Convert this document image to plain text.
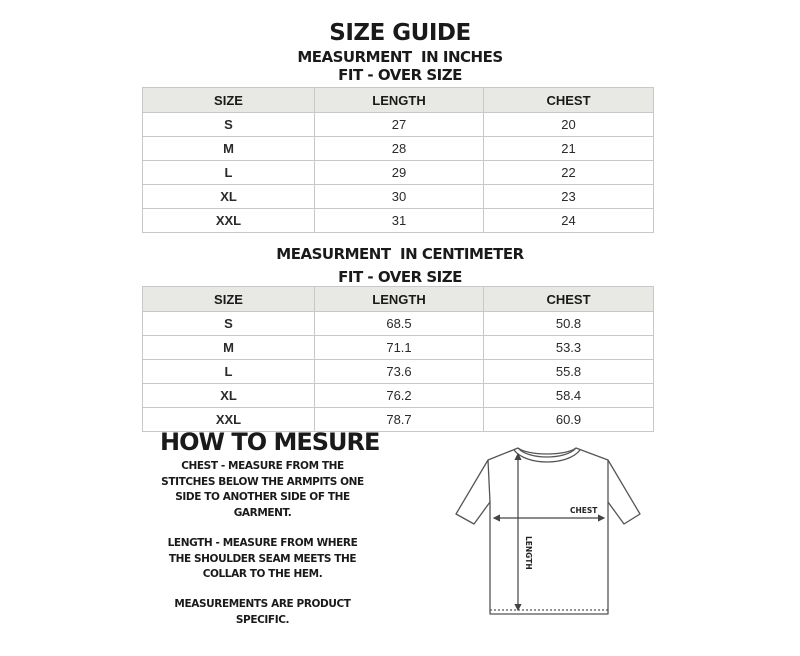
SIZE GUIDE
MEASURMENT  IN INCHES
FIT - OVER SIZE
SIZE	LENGTH	CHEST
S	27	20
M	28	21
L	29	22
XL	30	23
XXL	31	24
MEASURMENT  IN CENTIMETER
FIT - OVER SIZE
SIZE	LENGTH	CHEST
S	68.5	50.8
M	71.1	53.3
L	73.6	55.8
XL	76.2	58.4
XXL	78.7	60.9
HOW TO MESURE

CHEST - MEASURE FROM THE STITCHES BELOW THE ARMPITS ONE SIDE TO ANOTHER SIDE OF THE GARMENT.

LENGTH - MEASURE FROM WHERE THE SHOULDER SEAM MEETS THE COLLAR TO THE HEM.

MEASUREMENTS ARE PRODUCT SPECIFIC.

CHEST
LENGTH
